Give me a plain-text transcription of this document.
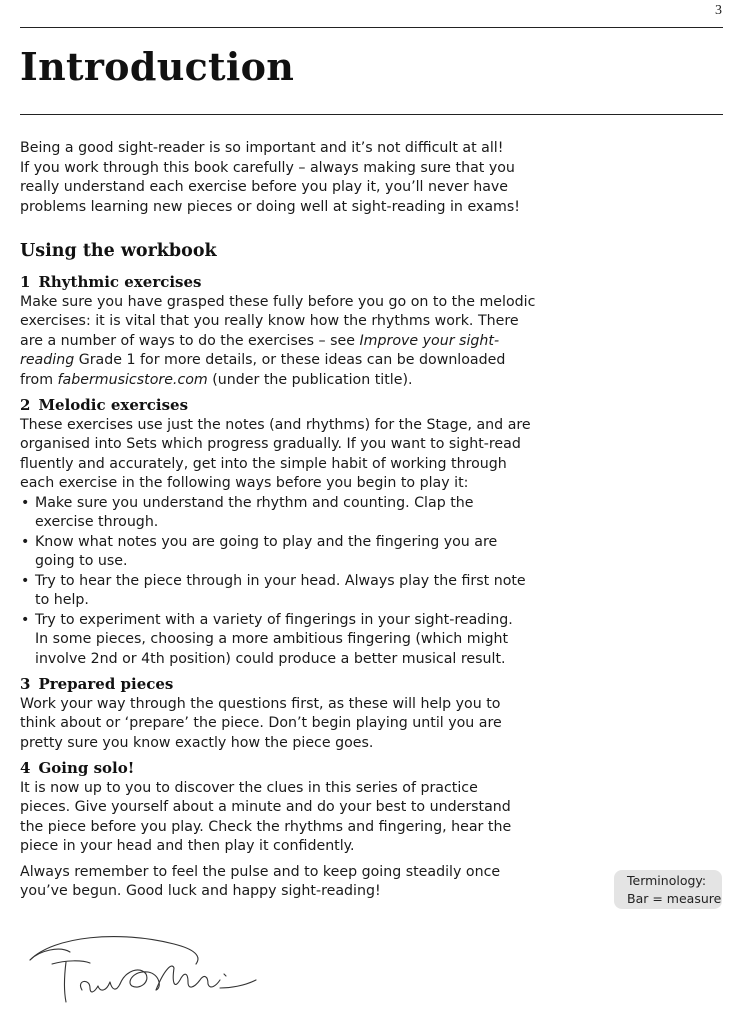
3
Introduction

Being a good sight-reader is so important and it’s not difficult at all!
If you work through this book carefully – always making sure that you
really understand each exercise before you play it, you’ll never have
problems learning new pieces or doing well at sight-reading in exams!

Using the workbook
1 Rhythmic exercises

Make sure you have grasped these fully before you go on to the melodic
exercises: it is vital that you really know how the rhythms work. There
are a number of ways to do the exercises – see Improve your sight-
reading Grade 1 for more details, or these ideas can be downloaded
from fabermusicstore.com (under the publication title).

2 Melodic exercises

These exercises use just the notes (and rhythms) for the Stage, and are
organised into Sets which progress gradually. If you want to sight-read
fluently and accurately, get into the simple habit of working through
each exercise in the following ways before you begin to play it:

• Make sure you understand the rhythm and counting. Clap the
exercise through.
• Know what notes you are going to play and the fingering you are
going to use.
• Try to hear the piece through in your head. Always play the first note
to help.
• Try to experiment with a variety of fingerings in your sight-reading.
In some pieces, choosing a more ambitious fingering (which might
involve 2nd or 4th position) could produce a better musical result.
3 Prepared pieces

Work your way through the questions first, as these will help you to
think about or ‘prepare’ the piece. Don’t begin playing until you are
pretty sure you know exactly how the piece goes.

4 Going solo!

It is now up to you to discover the clues in this series of practice
pieces. Give yourself about a minute and do your best to understand
the piece before you play. Check the rhythms and fingering, hear the
piece in your head and then play it confidently.

Always remember to feel the pulse and to keep going steadily once
you’ve begun. Good luck and happy sight-reading!

Terminology:
Bar = measure
